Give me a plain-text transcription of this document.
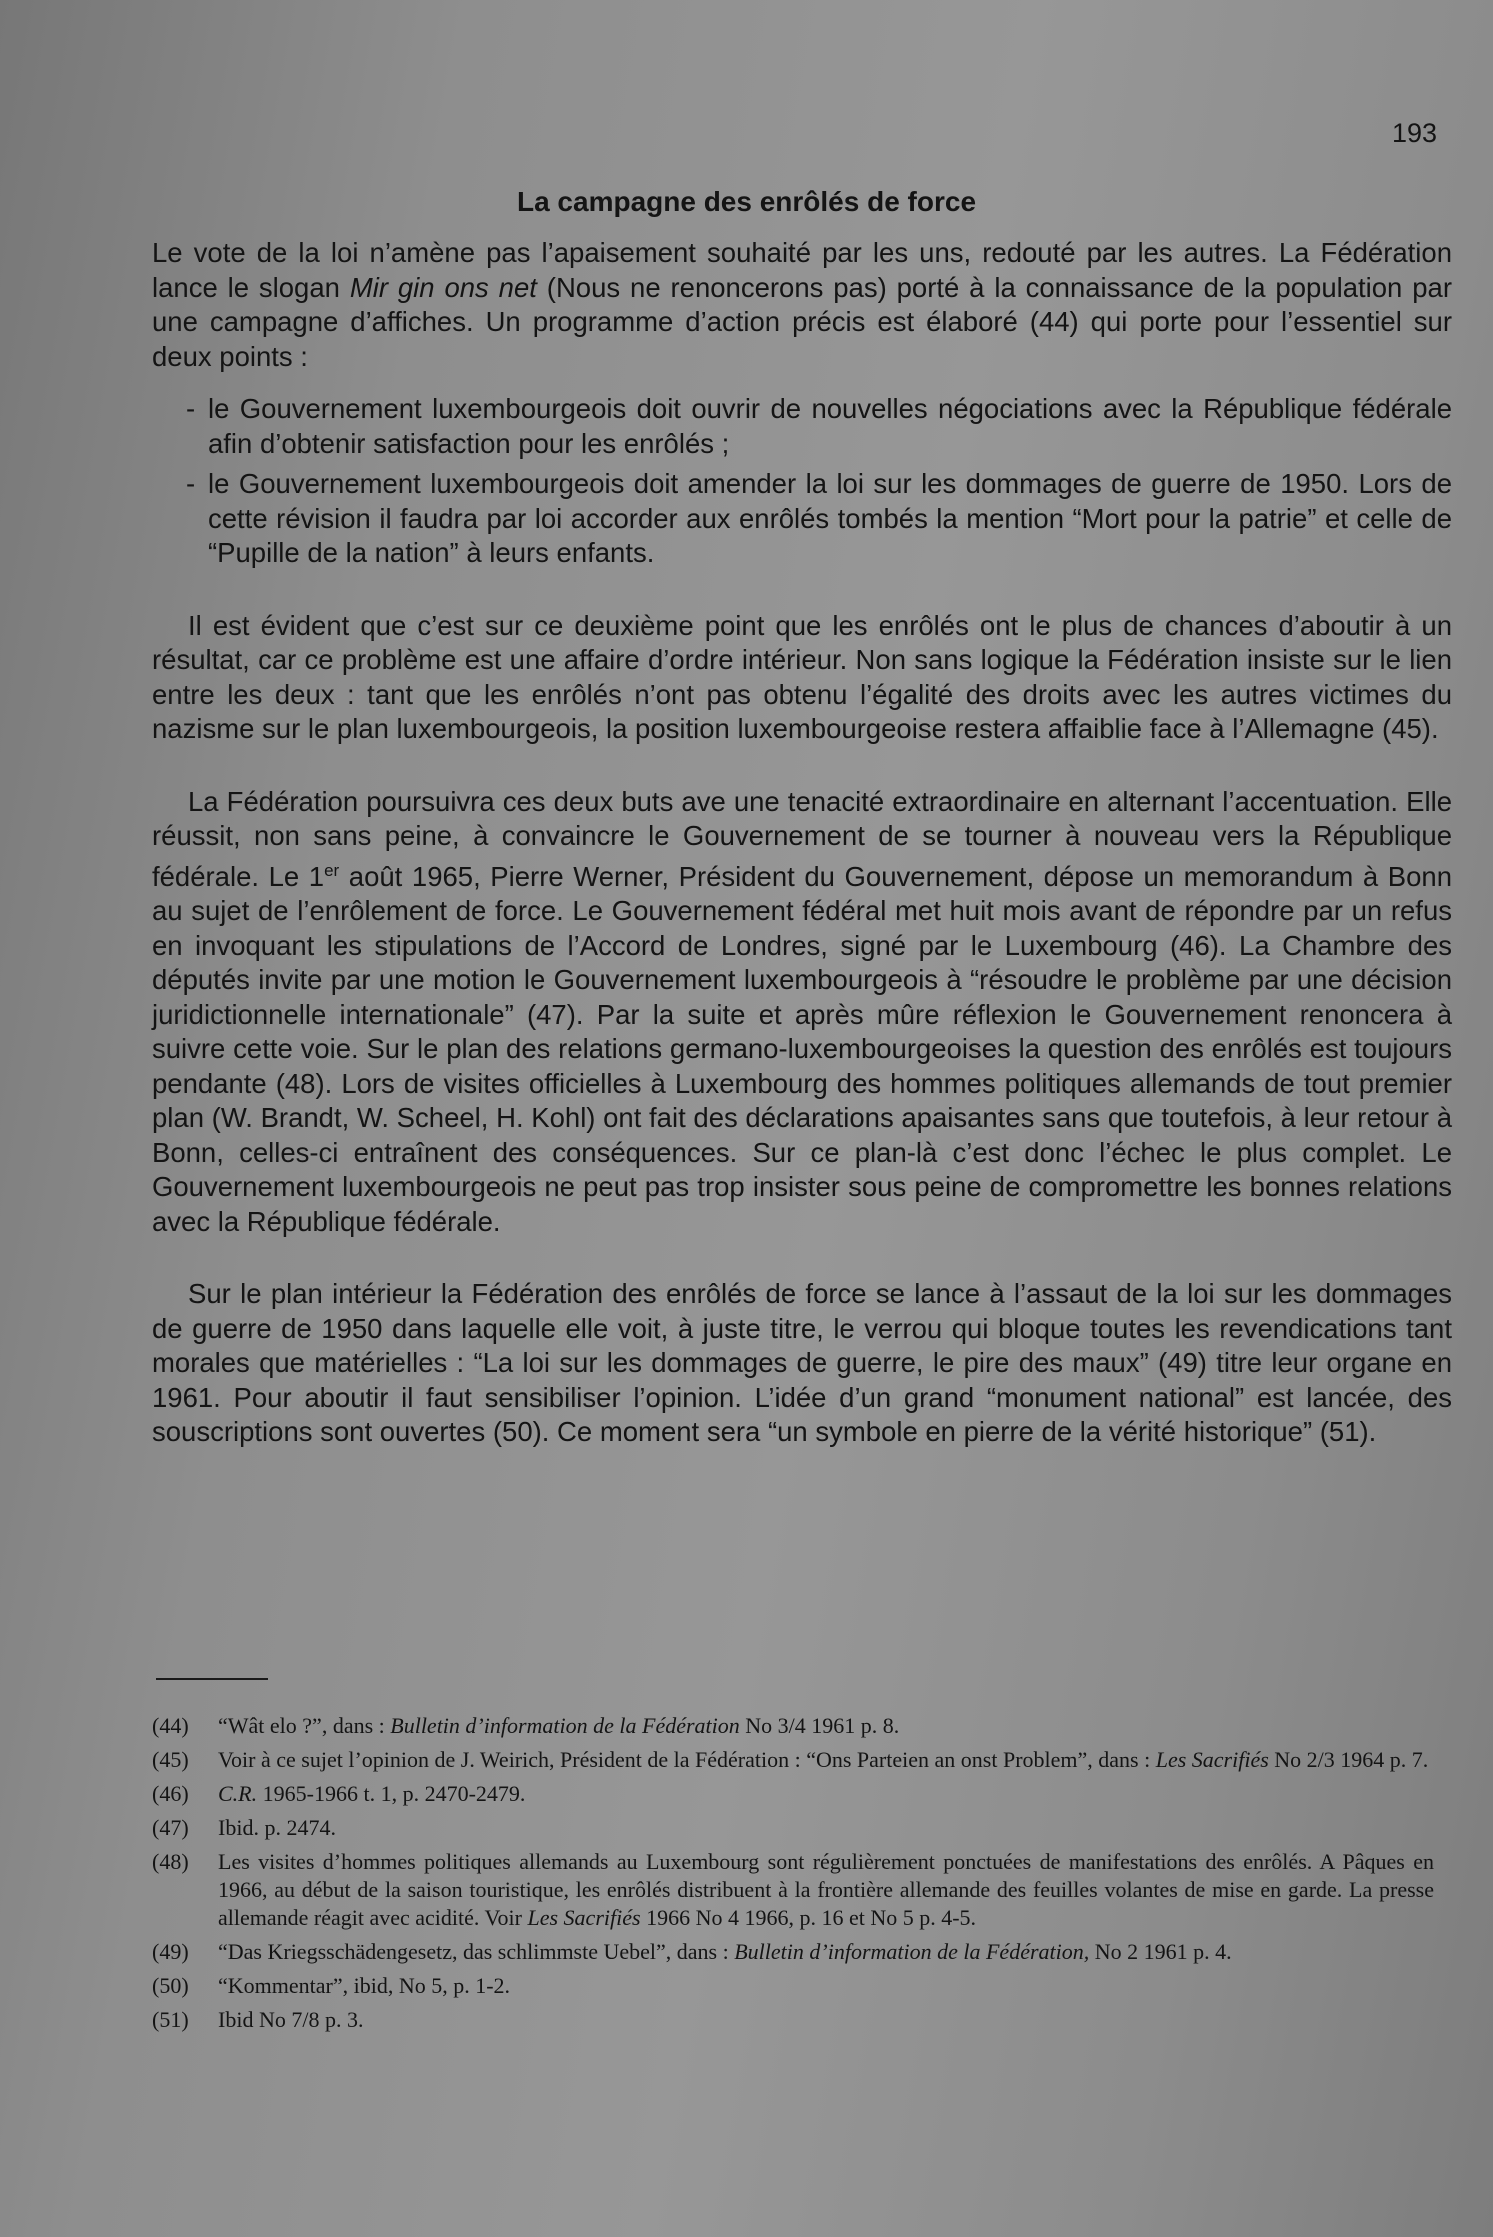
193
La campagne des enrôlés de force

Le vote de la loi n’amène pas l’apaisement souhaité par les uns, redouté par les autres. La Fédération lance le slogan Mir gin ons net (Nous ne renoncerons pas) porté à la connaissance de la population par une campagne d’affiches. Un programme d’action précis est élaboré (44) qui porte pour l’essentiel sur deux points :

- le Gouvernement luxembourgeois doit ouvrir de nouvelles négociations avec la République fédérale afin d’obtenir satisfaction pour les enrôlés ;
- le Gouvernement luxembourgeois doit amender la loi sur les dommages de guerre de 1950. Lors de cette révision il faudra par loi accorder aux enrôlés tombés la mention “Mort pour la patrie” et celle de “Pupille de la nation” à leurs enfants.

Il est évident que c’est sur ce deuxième point que les enrôlés ont le plus de chances d’aboutir à un résultat, car ce problème est une affaire d’ordre intérieur. Non sans logique la Fédération insiste sur le lien entre les deux : tant que les enrôlés n’ont pas obtenu l’égalité des droits avec les autres victimes du nazisme sur le plan luxembourgeois, la position luxembourgeoise restera affaiblie face à l’Allemagne (45).

La Fédération poursuivra ces deux buts ave une tenacité extraordinaire en alternant l’accentuation. Elle réussit, non sans peine, à convaincre le Gouvernement de se tourner à nouveau vers la République fédérale. Le 1er août 1965, Pierre Werner, Président du Gouvernement, dépose un memorandum à Bonn au sujet de l’enrôlement de force. Le Gouvernement fédéral met huit mois avant de répondre par un refus en invoquant les stipulations de l’Accord de Londres, signé par le Luxembourg (46). La Chambre des députés invite par une motion le Gouvernement luxembourgeois à “résoudre le problème par une décision juridictionnelle internationale” (47). Par la suite et après mûre réflexion le Gouvernement renoncera à suivre cette voie. Sur le plan des relations germano-luxembourgeoises la question des enrôlés est toujours pendante (48). Lors de visites officielles à Luxembourg des hommes politiques allemands de tout premier plan (W. Brandt, W. Scheel, H. Kohl) ont fait des déclarations apaisantes sans que toutefois, à leur retour à Bonn, celles-ci entraînent des conséquences. Sur ce plan-là c’est donc l’échec le plus complet. Le Gouvernement luxembourgeois ne peut pas trop insister sous peine de compromettre les bonnes relations avec la République fédérale.

Sur le plan intérieur la Fédération des enrôlés de force se lance à l’assaut de la loi sur les dommages de guerre de 1950 dans laquelle elle voit, à juste titre, le verrou qui bloque toutes les revendications tant morales que matérielles : “La loi sur les dommages de guerre, le pire des maux” (49) titre leur organe en 1961. Pour aboutir il faut sensibiliser l’opinion. L’idée d’un grand “monument national” est lancée, des souscriptions sont ouvertes (50). Ce moment sera “un symbole en pierre de la vérité historique” (51).

(44)	“Wât elo ?”, dans : Bulletin d’information de la Fédération No 3/4 1961 p. 8.
(45)	Voir à ce sujet l’opinion de J. Weirich, Président de la Fédération : “Ons Parteien an onst Problem”, dans : Les Sacrifiés No 2/3 1964 p. 7.
(46)	C.R. 1965-1966 t. 1, p. 2470-2479.
(47)	Ibid. p. 2474.
(48)	Les visites d’hommes politiques allemands au Luxembourg sont régulièrement ponctuées de manifestations des enrôlés. A Pâques en 1966, au début de la saison touristique, les enrôlés distribuent à la frontière allemande des feuilles volantes de mise en garde. La presse allemande réagit avec acidité. Voir Les Sacrifiés 1966 No 4 1966, p. 16 et No 5 p. 4-5.
(49)	“Das Kriegsschädengesetz, das schlimmste Uebel”, dans : Bulletin d’information de la Fédération, No 2 1961 p. 4.
(50)	“Kommentar”, ibid, No 5, p. 1-2.
(51)	Ibid No 7/8 p. 3.
